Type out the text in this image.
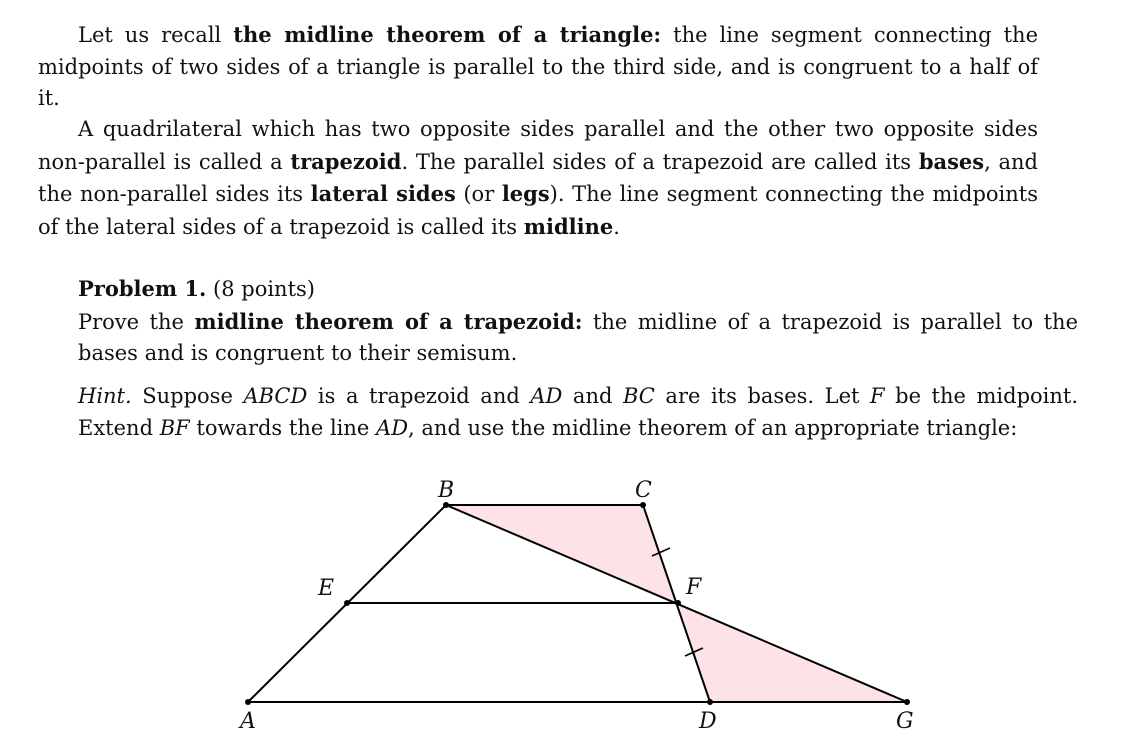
Let us recall the midline theorem of a triangle: the line segment connecting the midpoints of two sides of a triangle is parallel to the third side, and is congruent to a half of it.

A quadrilateral which has two opposite sides parallel and the other two opposite sides non-parallel is called a trapezoid. The parallel sides of a trapezoid are called its bases, and the non-parallel sides its lateral sides (or legs). The line segment connecting the midpoints of the lateral sides of a trapezoid is called its midline.

Problem 1. (8 points)
Prove the midline theorem of a trapezoid: the midline of a trapezoid is parallel to the bases and is congruent to their semisum.

Hint. Suppose ABCD is a trapezoid and AD and BC are its bases. Let F be the midpoint. Extend BF towards the line AD, and use the midline theorem of an appropriate triangle:

B	C
E	F
A	D	G
